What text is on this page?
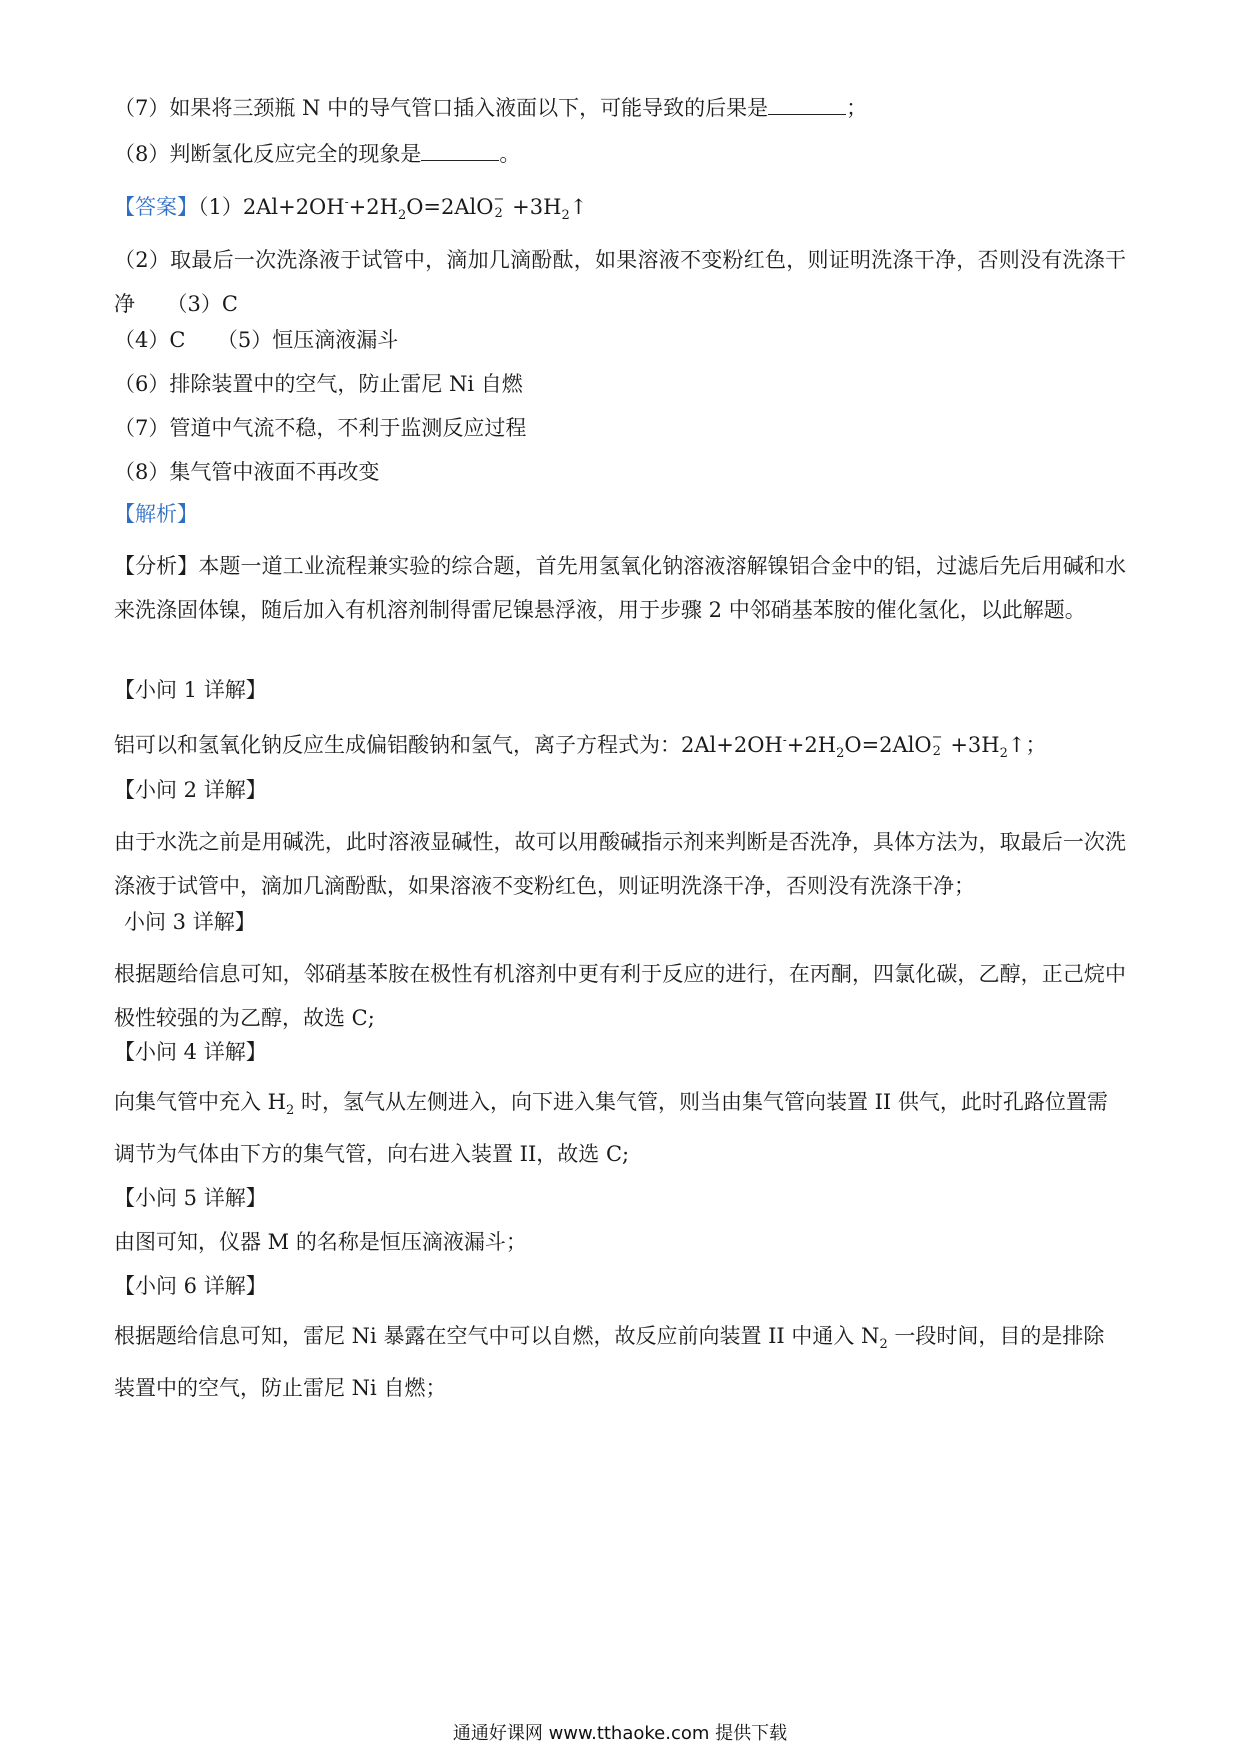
（7）如果将三颈瓶 N 中的导气管口插入液面以下，可能导致的后果是	；

（8）判断氢化反应完全的现象是	。

【答案】$(1)2Al+2OH^-+2H_2O=2AlO$ −
$2 +3H_2↑$

（2）取最后一次洗涤液于试管中，滴加几滴酚酞，如果溶液不变粉红色，则证明洗涤干净，否则没有洗涤干净　　（3）C

（4）C　　（5）恒压滴液漏斗

（6）排除装置中的空气，防止雷尼 Ni 自燃

（7）管道中气流不稳，不利于监测反应过程

（8）集气管中液面不再改变

【解析】

【分析】本题一道工业流程兼实验的综合题，首先用氢氧化钠溶液溶解镍铝合金中的铝，过滤后先后用碱和水来洗涤固体镍，随后加入有机溶剂制得雷尼镍悬浮液，用于步骤 2 中邻硝基苯胺的催化氢化，以此解题。

【小问 1 详解】

铝可以和氢氧化钠反应生成偏铝酸钠和氢气，离子方程式为：$2Al+2OH^-+2H_2O=2AlO$ −
$2 +3H_2↑$；

【小问 2 详解】

由于水洗之前是用碱洗，此时溶液显碱性，故可以用酸碱指示剂来判断是否洗净，具体方法为，取最后一次洗涤液于试管中，滴加几滴酚酞，如果溶液不变粉红色，则证明洗涤干净，否则没有洗涤干净；

小问 3 详解】

根据题给信息可知，邻硝基苯胺在极性有机溶剂中更有利于反应的进行，在丙酮，四氯化碳，乙醇，正己烷中极性较强的为乙醇，故选 C;

【小问 4 详解】

向集气管中充入 $H_2$ 时，氢气从左侧进入，向下进入集气管，则当由集气管向装置 II 供气，此时孔路位置需

调节为气体由下方的集气管，向右进入装置 II，故选 C;

【小问 5 详解】

由图可知，仪器 M 的名称是恒压滴液漏斗；

【小问 6 详解】

根据题给信息可知，雷尼 Ni 暴露在空气中可以自燃，故反应前向装置 II 中通入 $N_2$ 一段时间，目的是排除

装置中的空气，防止雷尼 Ni 自燃；

通通好课网 www.tthaoke.com 提供下载
